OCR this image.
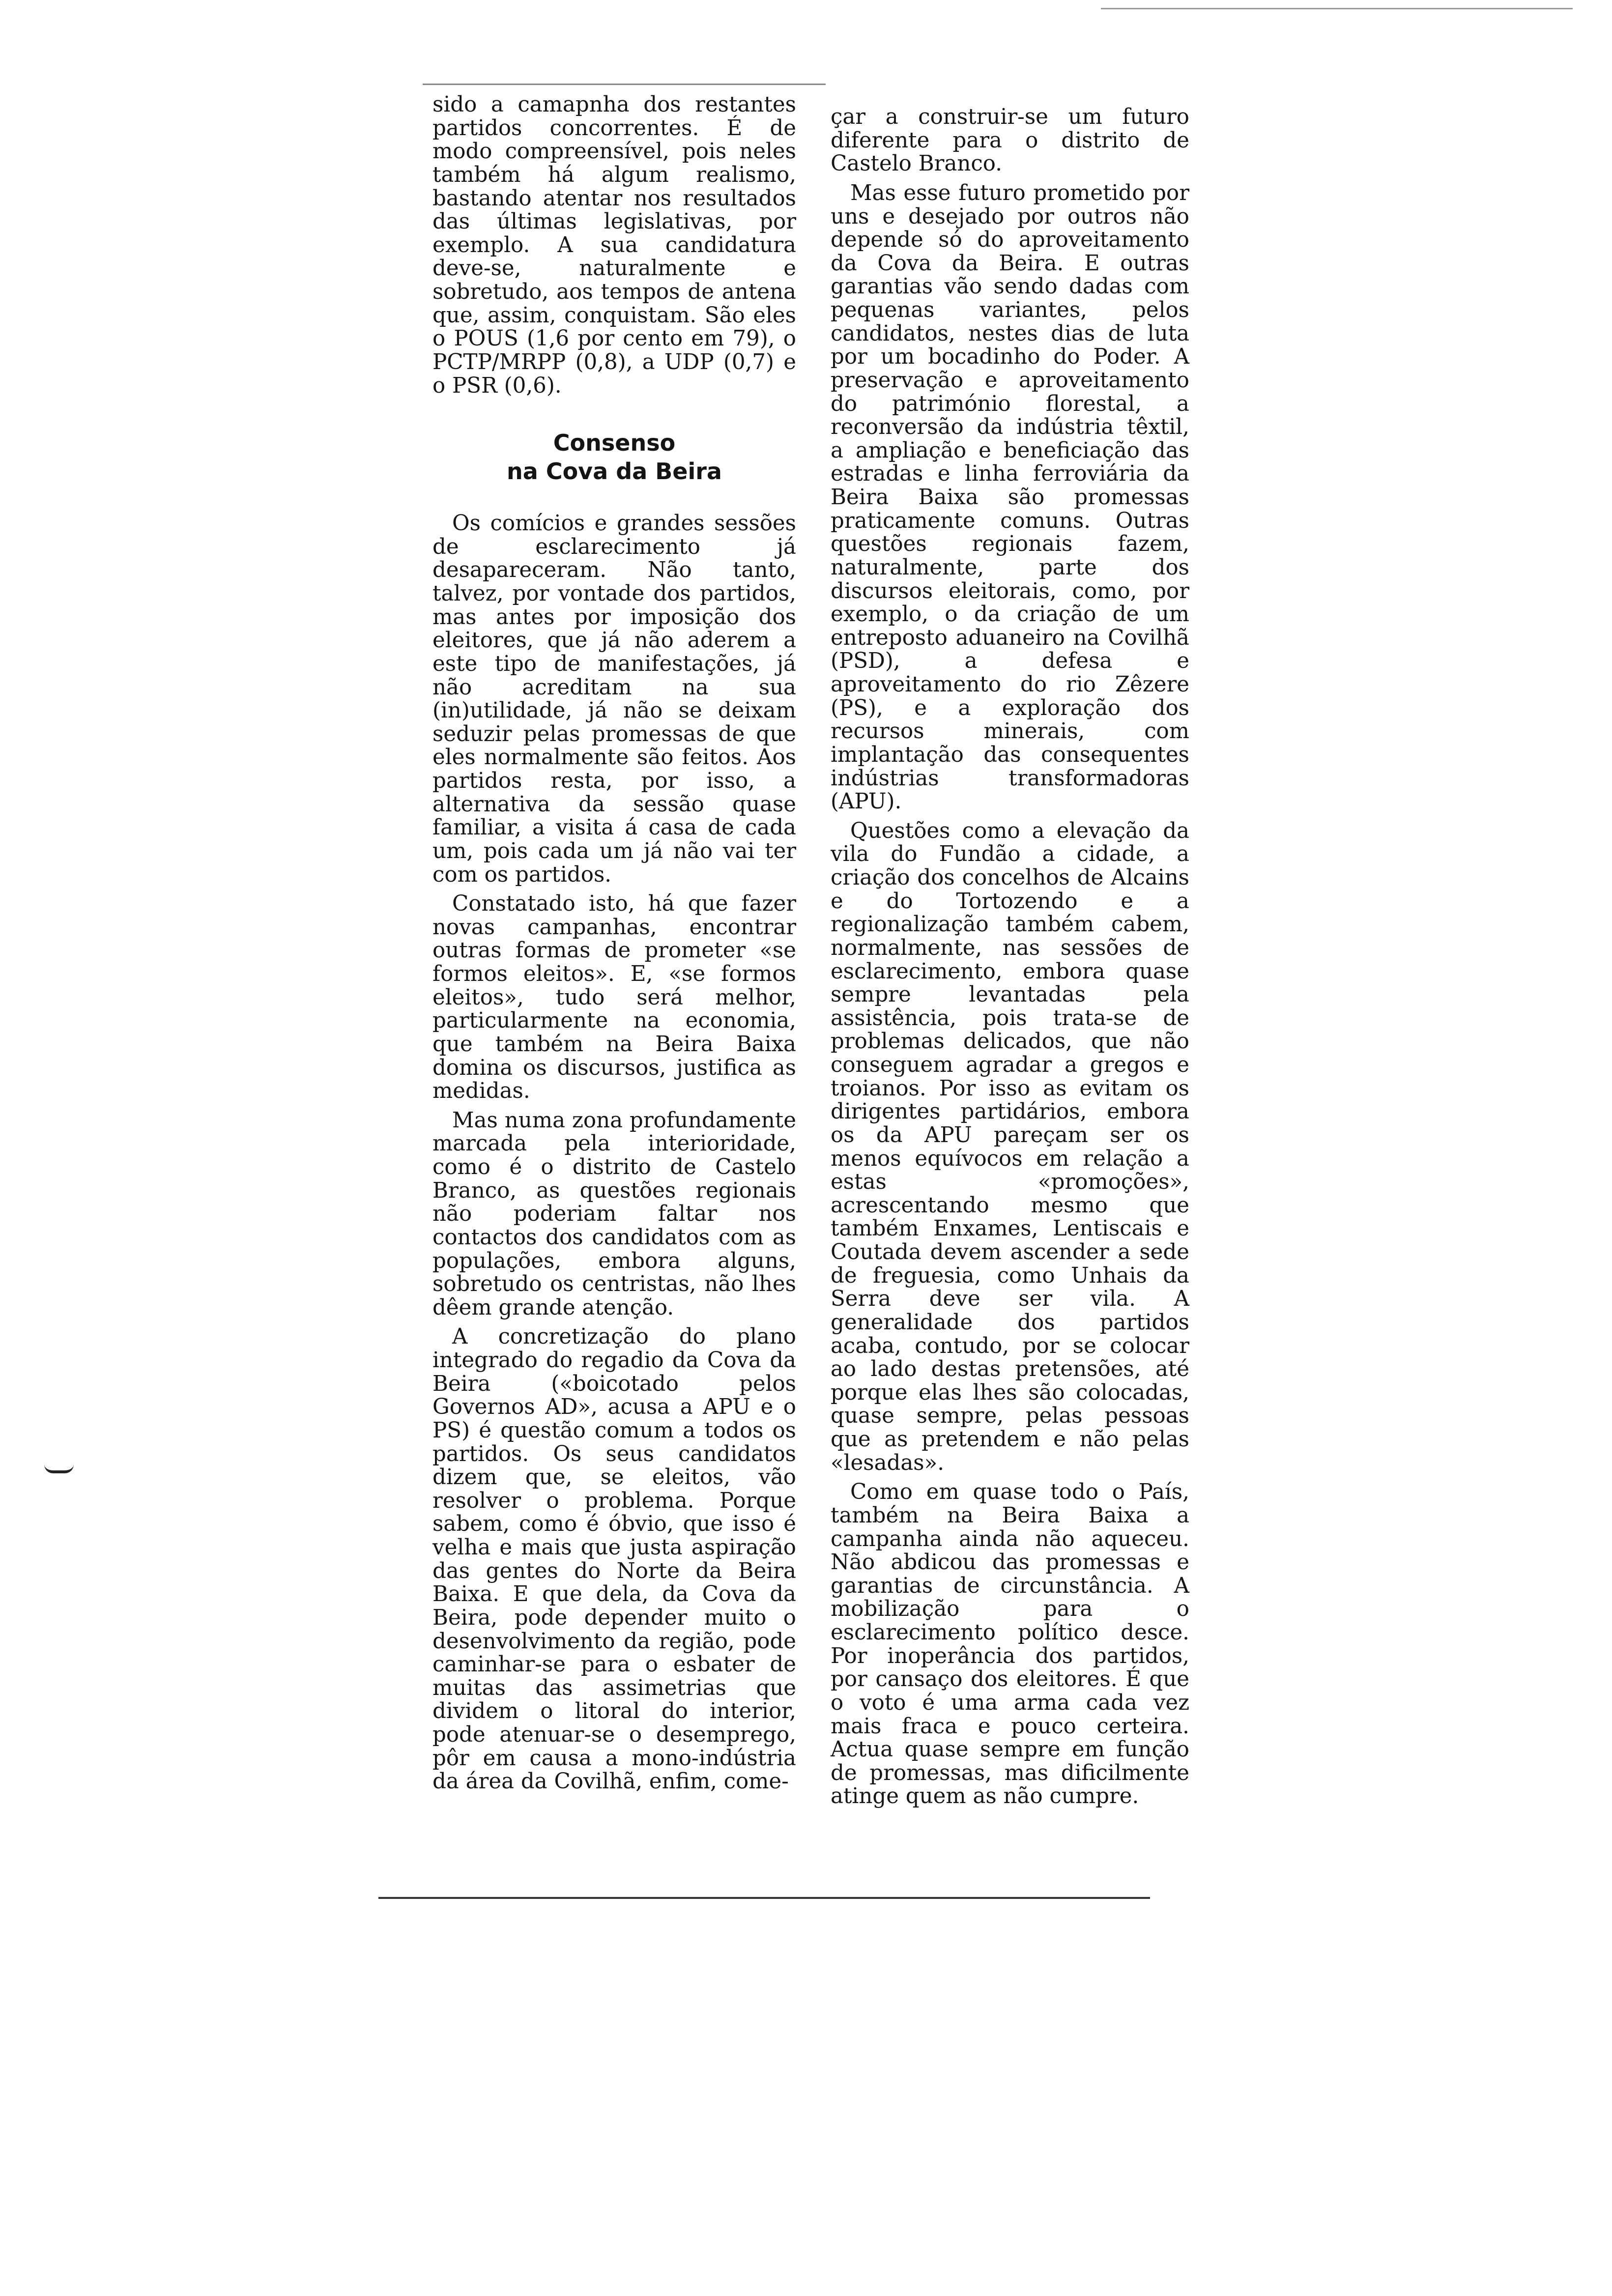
sido a camapnha dos restantes partidos concorrentes. É de modo compreensível, pois neles também há algum realismo, bastando atentar nos resultados das últimas legislativas, por exemplo. A sua candidatura deve-se, naturalmente e sobretudo, aos tempos de antena que, assim, conquistam. São eles o POUS (1,6 por cento em 79), o PCTP/MRPP (0,8), a UDP (0,7) e o PSR (0,6).

Consenso
na Cova da Beira

Os comícios e grandes sessões de esclarecimento já desapareceram. Não tanto, talvez, por vontade dos partidos, mas antes por imposição dos eleitores, que já não aderem a este tipo de manifestações, já não acreditam na sua (in)utilidade, já não se deixam seduzir pelas promessas de que eles normalmente são feitos. Aos partidos resta, por isso, a alternativa da sessão quase familiar, a visita á casa de cada um, pois cada um já não vai ter com os partidos.

Constatado isto, há que fazer novas campanhas, encontrar outras formas de prometer «se formos eleitos». E, «se formos eleitos», tudo será melhor, particularmente na economia, que também na Beira Baixa domina os discursos, justifica as medidas.

Mas numa zona profundamente marcada pela interioridade, como é o distrito de Castelo Branco, as questões regionais não poderiam faltar nos contactos dos candidatos com as populações, embora alguns, sobretudo os centristas, não lhes dêem grande atenção.

A concretização do plano integrado do regadio da Cova da Beira («boicotado pelos Governos AD», acusa a APU e o PS) é questão comum a todos os partidos. Os seus candidatos dizem que, se eleitos, vão resolver o problema. Porque sabem, como é óbvio, que isso é velha e mais que justa aspiração das gentes do Norte da Beira Baixa. E que dela, da Cova da Beira, pode depender muito o desenvolvimento da região, pode caminhar-se para o esbater de muitas das assimetrias que dividem o litoral do interior, pode atenuar-se o desemprego, pôr em causa a mono-indústria da área da Covilhã, enfim, come-

çar a construir-se um futuro diferente para o distrito de Castelo Branco.

Mas esse futuro prometido por uns e desejado por outros não depende só do aproveitamento da Cova da Beira. E outras garantias vão sendo dadas com pequenas variantes, pelos candidatos, nestes dias de luta por um bocadinho do Poder. A preservação e aproveitamento do património florestal, a reconversão da indústria têxtil, a ampliação e beneficiação das estradas e linha ferroviária da Beira Baixa são promessas praticamente comuns. Outras questões regionais fazem, naturalmente, parte dos discursos eleitorais, como, por exemplo, o da criação de um entreposto aduaneiro na Covilhã (PSD), a defesa e aproveitamento do rio Zêzere (PS), e a exploração dos recursos minerais, com implantação das consequentes indústrias transformadoras (APU).

Questões como a elevação da vila do Fundão a cidade, a criação dos concelhos de Alcains e do Tortozendo e a regionalização também cabem, normalmente, nas sessões de esclarecimento, embora quase sempre levantadas pela assistência, pois trata-se de problemas delicados, que não conseguem agradar a gregos e troianos. Por isso as evitam os dirigentes partidários, embora os da APU pareçam ser os menos equívocos em relação a estas «promoções», acrescentando mesmo que também Enxames, Lentiscais e Coutada devem ascender a sede de freguesia, como Unhais da Serra deve ser vila. A generalidade dos partidos acaba, contudo, por se colocar ao lado destas pretensões, até porque elas lhes são colocadas, quase sempre, pelas pessoas que as pretendem e não pelas «lesadas».

Como em quase todo o País, também na Beira Baixa a campanha ainda não aqueceu. Não abdicou das promessas e garantias de circunstância. A mobilização para o esclarecimento político desce. Por inoperância dos partidos, por cansaço dos eleitores. É que o voto é uma arma cada vez mais fraca e pouco certeira. Actua quase sempre em função de promessas, mas dificilmente atinge quem as não cumpre.
